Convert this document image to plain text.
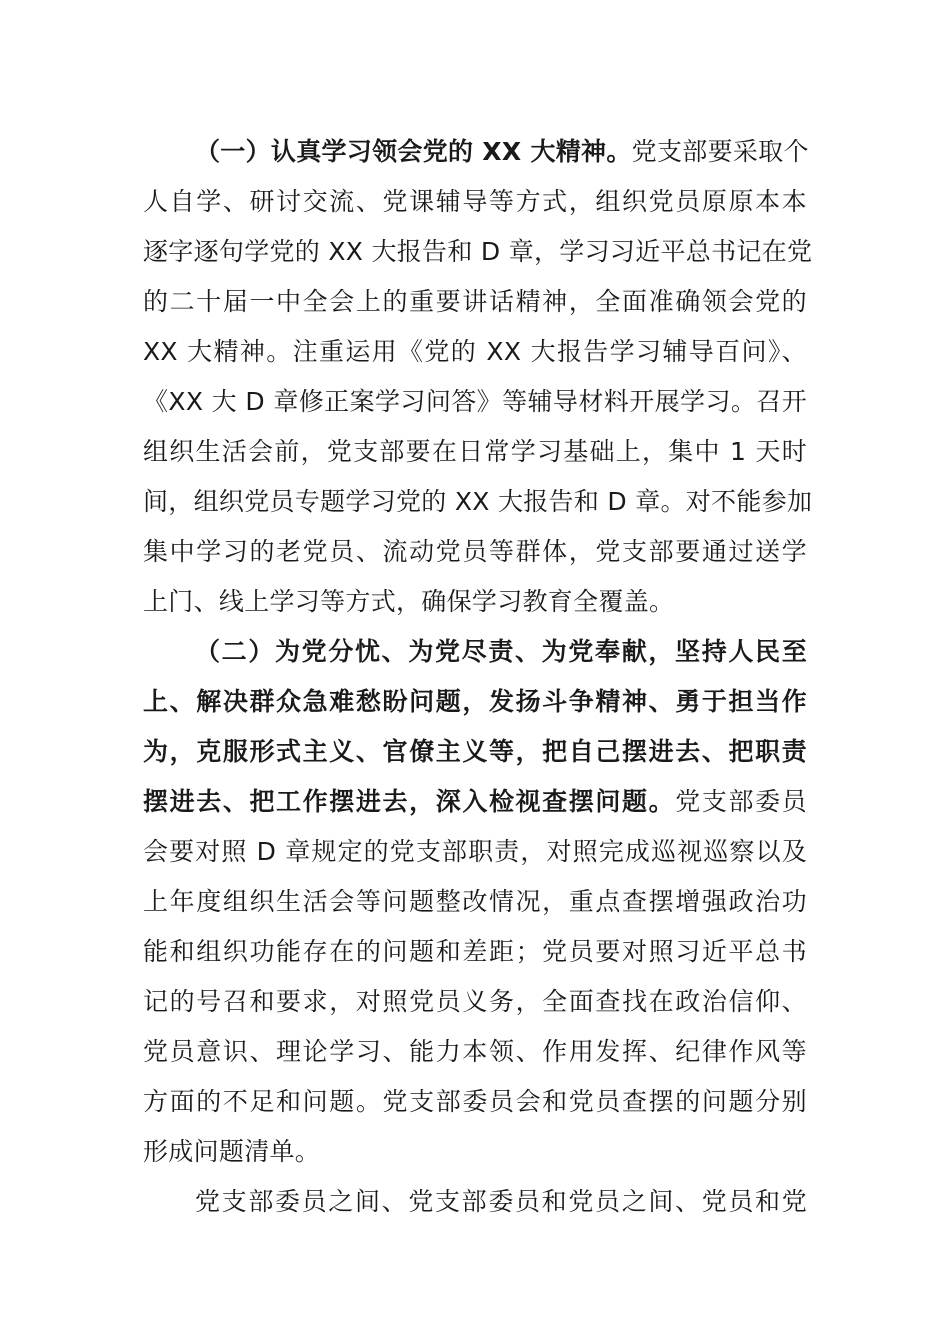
（一）认真学习领会党的 XX 大精神。党支部要采取个
人自学、研讨交流、党课辅导等方式，组织党员原原本本
逐字逐句学党的 XX 大报告和 D 章，学习习近平总书记在党
的二十届一中全会上的重要讲话精神，全面准确领会党的
XX 大精神。注重运用《党的 XX 大报告学习辅导百问》、
《XX 大 D 章修正案学习问答》等辅导材料开展学习。召开
组织生活会前，党支部要在日常学习基础上，集中 1 天时
间，组织党员专题学习党的 XX 大报告和 D 章。对不能参加
集中学习的老党员、流动党员等群体，党支部要通过送学
上门、线上学习等方式，确保学习教育全覆盖。
（二）为党分忧、为党尽责、为党奉献，坚持人民至
上、解决群众急难愁盼问题，发扬斗争精神、勇于担当作
为，克服形式主义、官僚主义等，把自己摆进去、把职责
摆进去、把工作摆进去，深入检视查摆问题。党支部委员
会要对照 D 章规定的党支部职责，对照完成巡视巡察以及
上年度组织生活会等问题整改情况，重点查摆增强政治功
能和组织功能存在的问题和差距；党员要对照习近平总书
记的号召和要求，对照党员义务，全面查找在政治信仰、
党员意识、理论学习、能力本领、作用发挥、纪律作风等
方面的不足和问题。党支部委员会和党员查摆的问题分别
形成问题清单。
党支部委员之间、党支部委员和党员之间、党员和党
